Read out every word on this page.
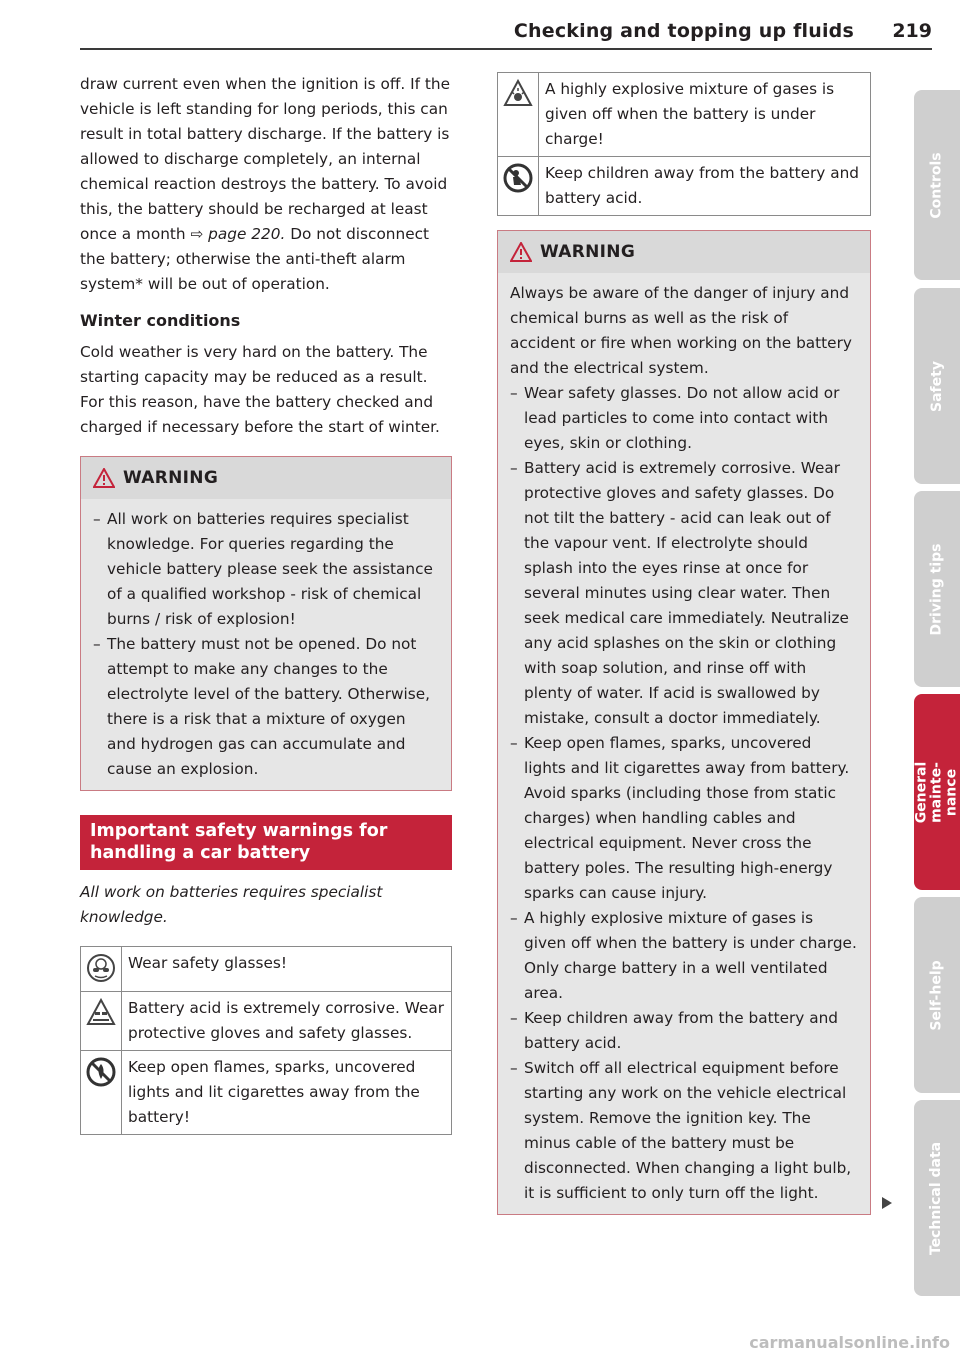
Checking and topping up fluids 219

draw current even when the ignition is off. If the vehicle is left standing for long periods, this can result in total battery discharge. If the battery is allowed to discharge completely, an internal chemical reaction destroys the battery. To avoid this, the battery should be recharged at least once a month ⇨ page 220. Do not disconnect the battery; otherwise the anti-theft alarm system* will be out of operation.

Winter conditions

Cold weather is very hard on the battery. The starting capacity may be reduced as a result. For this reason, have the battery checked and charged if necessary before the start of winter.

WARNING
– All work on batteries requires specialist knowledge. For queries regarding the vehicle battery please seek the assistance of a qualified workshop - risk of chemical burns / risk of explosion!
– The battery must not be opened. Do not attempt to make any changes to the electrolyte level of the battery. Otherwise, there is a risk that a mixture of oxygen and hydrogen gas can accumulate and cause an explosion.
Important safety warnings for handling a car battery
All work on batteries requires specialist knowledge.
	Wear safety glasses!
	Battery acid is extremely corrosive. Wear protective gloves and safety glasses.
	Keep open flames, sparks, uncovered lights and lit cigarettes away from the battery!
	A highly explosive mixture of gases is given off when the battery is under charge!
	Keep children away from the battery and battery acid.
WARNING

Always be aware of the danger of injury and chemical burns as well as the risk of accident or fire when working on the battery and the electrical system.

– Wear safety glasses. Do not allow acid or lead particles to come into contact with eyes, skin or clothing.
– Battery acid is extremely corrosive. Wear protective gloves and safety glasses. Do not tilt the battery - acid can leak out of the vapour vent. If electrolyte should splash into the eyes rinse at once for several minutes using clear water. Then seek medical care immediately. Neutralize any acid splashes on the skin or clothing with soap solution, and rinse off with plenty of water. If acid is swallowed by mistake, consult a doctor immediately.
– Keep open flames, sparks, uncovered lights and lit cigarettes away from battery. Avoid sparks (including those from static charges) when handling cables and electrical equipment. Never cross the battery poles. The resulting high-energy sparks can cause injury.
– A highly explosive mixture of gases is given off when the battery is under charge. Only charge battery in a well ventilated area.
– Keep children away from the battery and battery acid.
– Switch off all electrical equipment before starting any work on the vehicle electrical system. Remove the ignition key. The minus cable of the battery must be disconnected. When changing a light bulb, it is sufficient to only turn off the light.
Controls
Safety
Driving tips
General mainte-
nance
Self-help
Technical data
carmanualsonline.info
